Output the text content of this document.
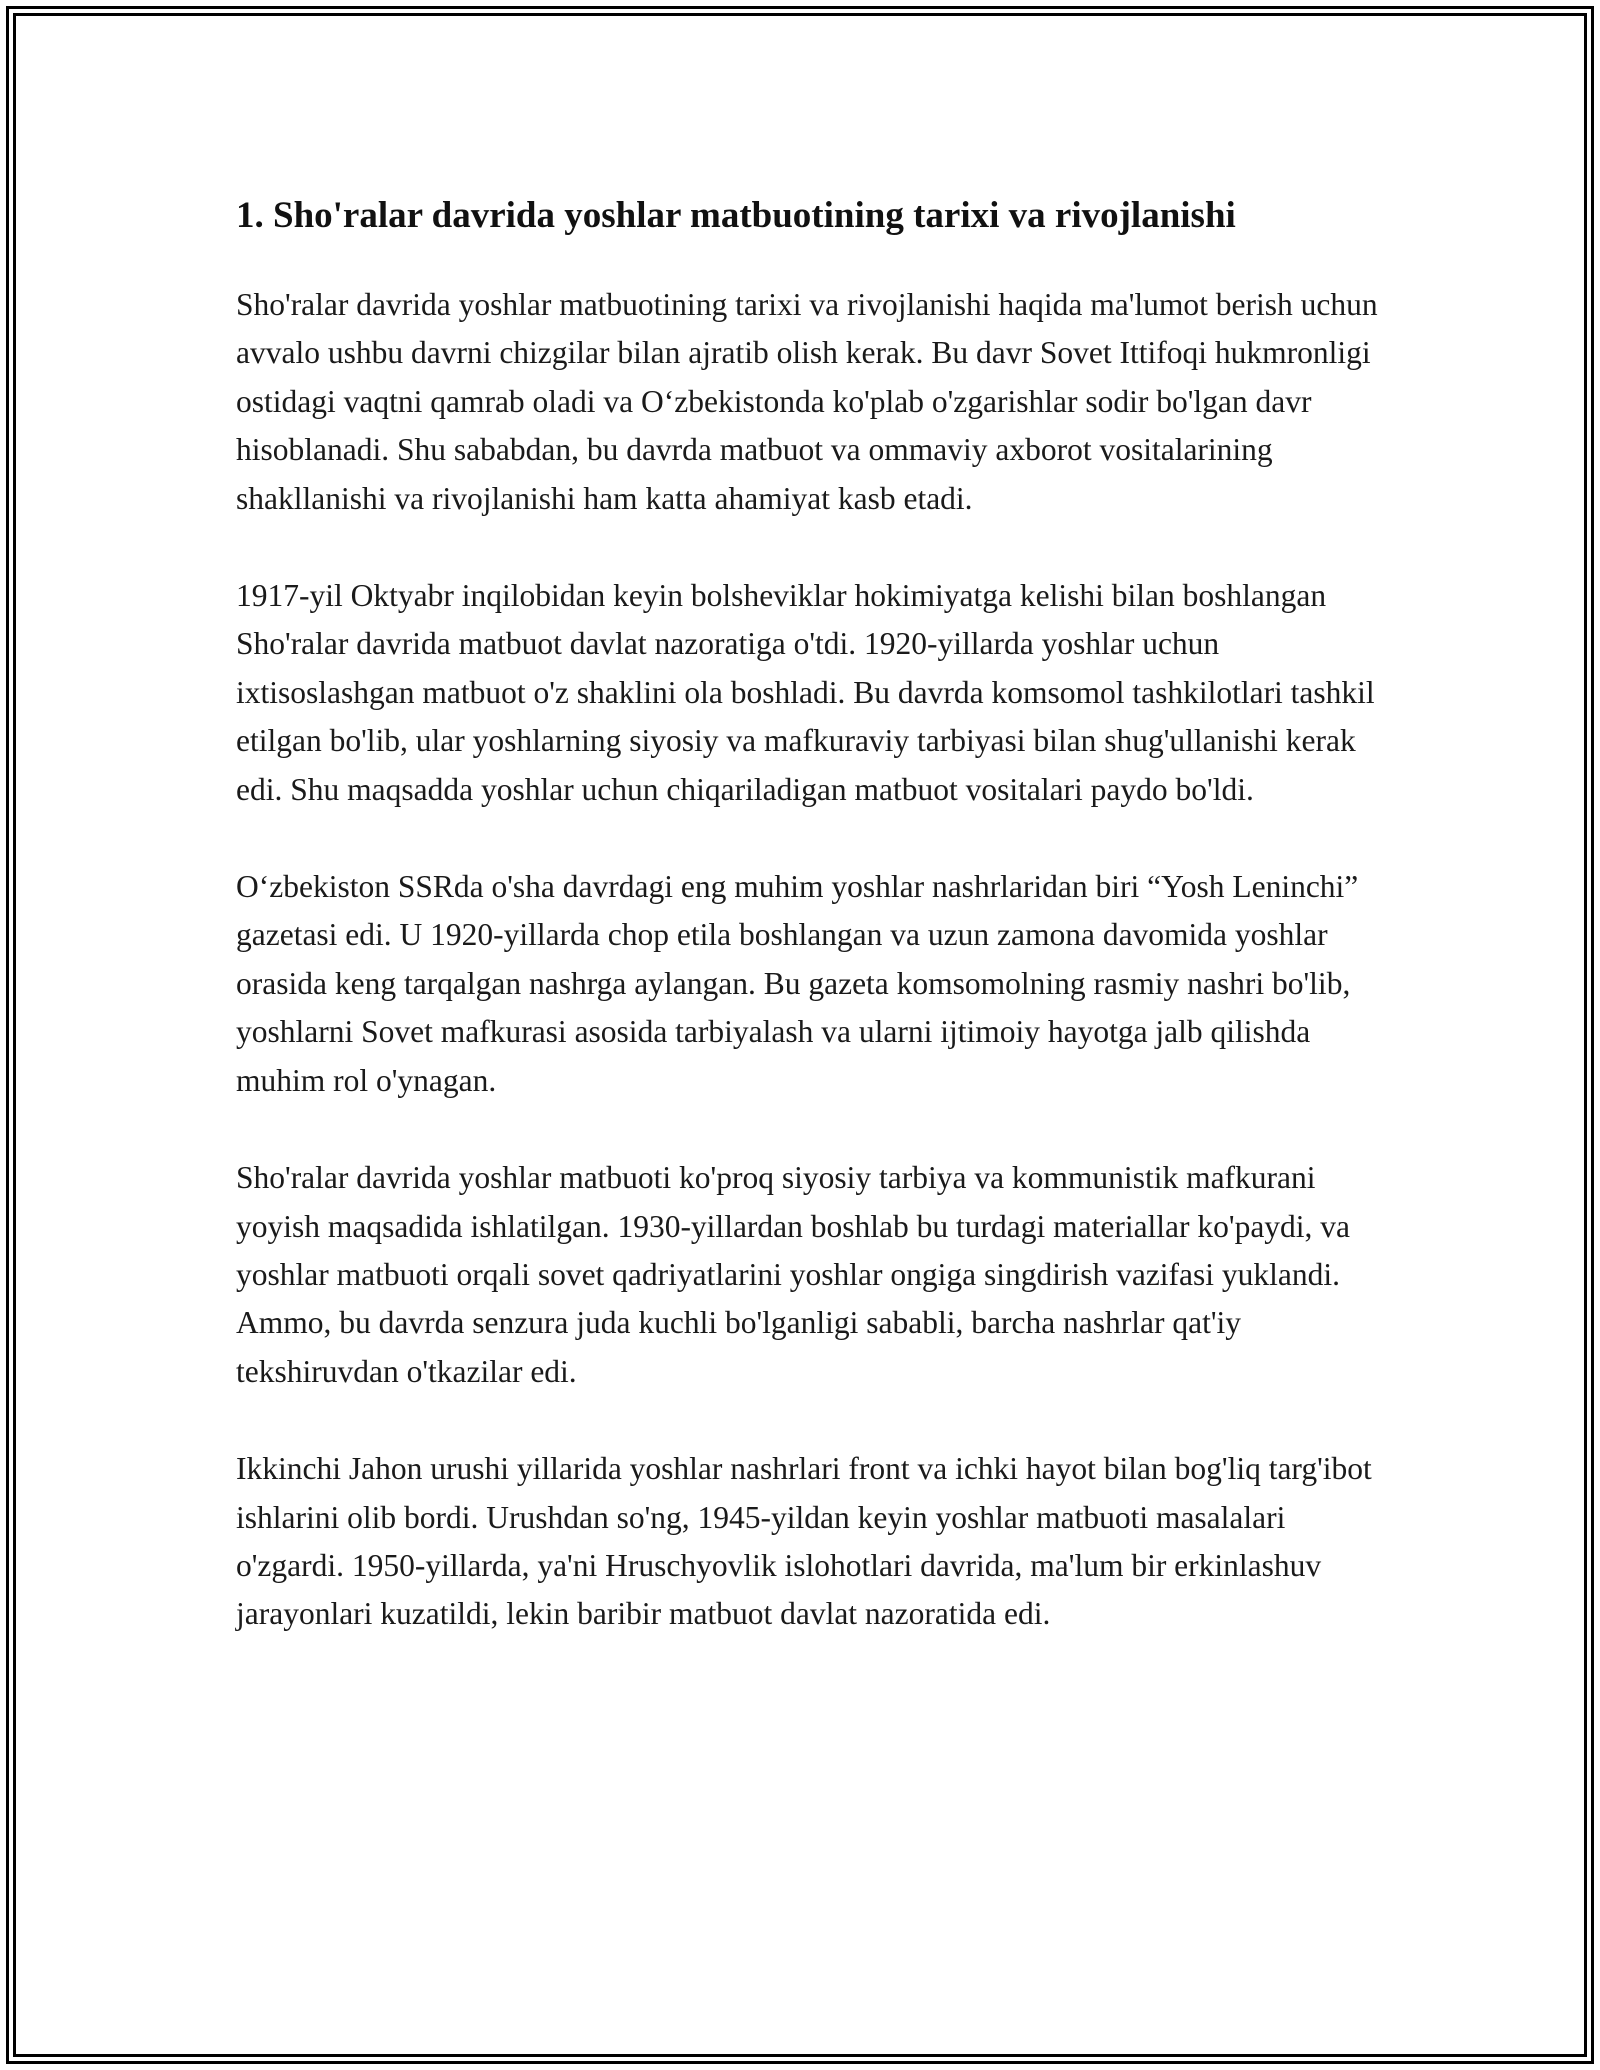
1. Sho'ralar davrida yoshlar matbuotining tarixi va rivojlanishi

Sho'ralar davrida yoshlar matbuotining tarixi va rivojlanishi haqida ma'lumot berish uchun avvalo ushbu davrni chizgilar bilan ajratib olish kerak. Bu davr Sovet Ittifoqi hukmronligi ostidagi vaqtni qamrab oladi va O‘zbekistonda ko'plab o'zgarishlar sodir bo'lgan davr hisoblanadi. Shu sababdan, bu davrda matbuot va ommaviy axborot vositalarining shakllanishi va rivojlanishi ham katta ahamiyat kasb etadi.

1917-yil Oktyabr inqilobidan keyin bolsheviklar hokimiyatga kelishi bilan boshlangan Sho'ralar davrida matbuot davlat nazoratiga o'tdi. 1920-yillarda yoshlar uchun ixtisoslashgan matbuot o'z shaklini ola boshladi. Bu davrda komsomol tashkilotlari tashkil etilgan bo'lib, ular yoshlarning siyosiy va mafkuraviy tarbiyasi bilan shug'ullanishi kerak edi. Shu maqsadda yoshlar uchun chiqariladigan matbuot vositalari paydo bo'ldi.

O‘zbekiston SSRda o'sha davrdagi eng muhim yoshlar nashrlaridan biri “Yosh Leninchi” gazetasi edi. U 1920-yillarda chop etila boshlangan va uzun zamona davomida yoshlar orasida keng tarqalgan nashrga aylangan. Bu gazeta komsomolning rasmiy nashri bo'lib, yoshlarni Sovet mafkurasi asosida tarbiyalash va ularni ijtimoiy hayotga jalb qilishda muhim rol o'ynagan.

Sho'ralar davrida yoshlar matbuoti ko'proq siyosiy tarbiya va kommunistik mafkurani yoyish maqsadida ishlatilgan. 1930-yillardan boshlab bu turdagi materiallar ko'paydi, va yoshlar matbuoti orqali sovet qadriyatlarini yoshlar ongiga singdirish vazifasi yuklandi. Ammo, bu davrda senzura juda kuchli bo'lganligi sababli, barcha nashrlar qat'iy tekshiruvdan o'tkazilar edi.

Ikkinchi Jahon urushi yillarida yoshlar nashrlari front va ichki hayot bilan bog'liq targ'ibot ishlarini olib bordi. Urushdan so'ng, 1945-yildan keyin yoshlar matbuoti masalalari o'zgardi. 1950-yillarda, ya'ni Hruschyovlik islohotlari davrida, ma'lum bir erkinlashuv jarayonlari kuzatildi, lekin baribir matbuot davlat nazoratida edi.
